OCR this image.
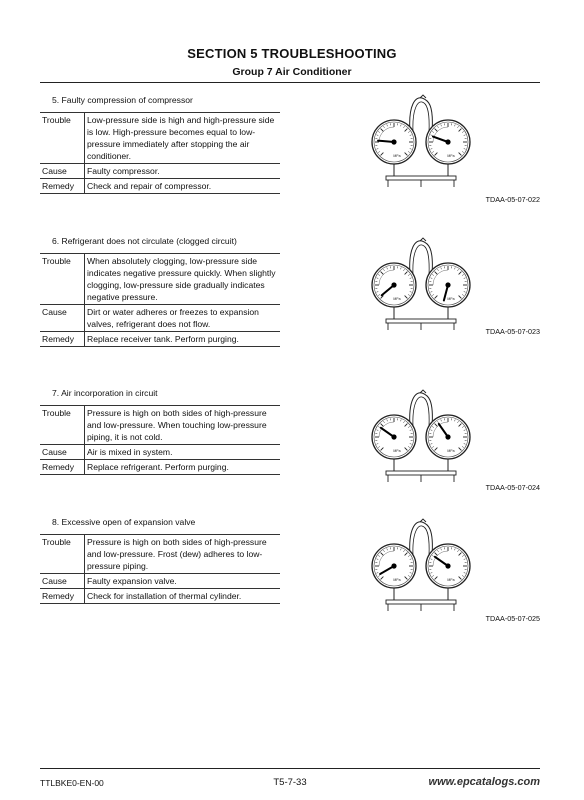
SECTION 5 TROUBLESHOOTING
Group 7 Air Conditioner
5. Faulty compression of compressor
Trouble	Low-pressure side is high and high-pressure side is low. High-pressure becomes equal to low-pressure immediately after stopping the air conditioner.
Cause	Faulty compressor.
Remedy	Check and repair of compressor.
MPa	MPa
TDAA-05-07-022
6. Refrigerant does not circulate (clogged circuit)
Trouble	When absolutely clogging, low-pressure side indicates negative pressure quickly. When slightly clogging, low-pressure side gradually indicates negative pressure.
Cause	Dirt or water adheres or freezes to expansion valves, refrigerant does not flow.
Remedy	Replace receiver tank. Perform purging.
MPa	MPa
TDAA-05-07-023
7. Air incorporation in circuit
Trouble	Pressure is high on both sides of high-pressure and low-pressure. When touching low-pressure piping, it is not cold.
Cause	Air is mixed in system.
Remedy	Replace refrigerant. Perform purging.
MPa	MPa
TDAA-05-07-024
8. Excessive open of expansion valve
Trouble	Pressure is high on both sides of high-pressure and low-pressure. Frost (dew) adheres to low-pressure piping.
Cause	Faulty expansion valve.
Remedy	Check for installation of thermal cylinder.
MPa	MPa
TDAA-05-07-025
TTLBKE0-EN-00	T5-7-33	www.epcatalogs.com
